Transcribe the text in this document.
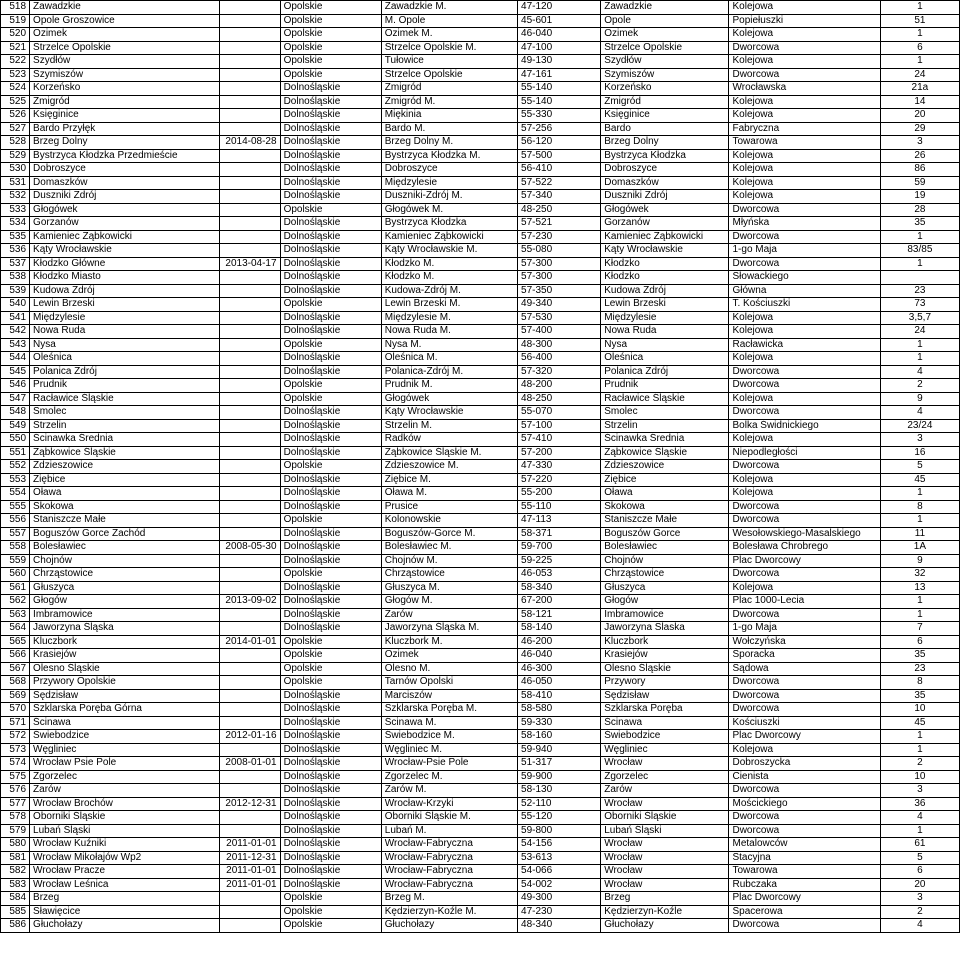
518	Zawadzkie		Opolskie	Zawadzkie M.	47-120	Zawadzkie	Kolejowa	1
519	Opole Groszowice		Opolskie	M. Opole	45-601	Opole	Popiełuszki	51
520	Ozimek		Opolskie	Ozimek M.	46-040	Ozimek	Kolejowa	1
521	Strzelce Opolskie		Opolskie	Strzelce Opolskie M.	47-100	Strzelce Opolskie	Dworcowa	6
522	Szydłów		Opolskie	Tułowice	49-130	Szydłów	Kolejowa	1
523	Szymiszów		Opolskie	Strzelce Opolskie	47-161	Szymiszów	Dworcowa	24
524	Korzeńsko		Dolnośląskie	Żmigród	55-140	Korzeńsko	Wrocławska	21a
525	Żmigród		Dolnośląskie	Żmigród M.	55-140	Żmigród	Kolejowa	14
526	Księginice		Dolnośląskie	Miękinia	55-330	Księginice	Kolejowa	20
527	Bardo Przyłęk		Dolnośląskie	Bardo M.	57-256	Bardo	Fabryczna	29
528	Brzeg Dolny	2014-08-28	Dolnośląskie	Brzeg Dolny M.	56-120	Brzeg Dolny	Towarowa	3
529	Bystrzyca Kłodzka Przedmieście		Dolnośląskie	Bystrzyca Kłodzka M.	57-500	Bystrzyca Kłodzka	Kolejowa	26
530	Dobroszyce		Dolnośląskie	Dobroszyce	56-410	Dobroszyce	Kolejowa	86
531	Domaszków		Dolnośląskie	Międzylesie	57-522	Domaszków	Kolejowa	59
532	Duszniki Zdrój		Dolnośląskie	Duszniki-Zdrój M.	57-340	Duszniki Zdrój	Kolejowa	19
533	Głogówek		Opolskie	Głogówek M.	48-250	Głogówek	Dworcowa	28
534	Gorzanów		Dolnośląskie	Bystrzyca Kłodzka	57-521	Gorzanów	Młyńska	35
535	Kamieniec Ząbkowicki		Dolnośląskie	Kamieniec Ząbkowicki	57-230	Kamieniec Ząbkowicki	Dworcowa	1
536	Kąty Wrocławskie		Dolnośląskie	Kąty Wrocławskie M.	55-080	Kąty Wrocławskie	1-go Maja	83/85
537	Kłodzko Główne	2013-04-17	Dolnośląskie	Kłodzko M.	57-300	Kłodzko	Dworcowa	1
538	Kłodzko Miasto		Dolnośląskie	Kłodzko M.	57-300	Kłodzko	Słowackiego	
539	Kudowa Zdrój		Dolnośląskie	Kudowa-Zdrój M.	57-350	Kudowa Zdrój	Główna	23
540	Lewin Brzeski		Opolskie	Lewin Brzeski M.	49-340	Lewin Brzeski	T. Kościuszki	73
541	Międzylesie		Dolnośląskie	Międzylesie M.	57-530	Międzylesie	Kolejowa	3,5,7
542	Nowa Ruda		Dolnośląskie	Nowa Ruda M.	57-400	Nowa Ruda	Kolejowa	24
543	Nysa		Opolskie	Nysa M.	48-300	Nysa	Racławicka	1
544	Oleśnica		Dolnośląskie	Oleśnica M.	56-400	Oleśnica	Kolejowa	1
545	Polanica Zdrój		Dolnośląskie	Polanica-Zdrój M.	57-320	Polanica Zdrój	Dworcowa	4
546	Prudnik		Opolskie	Prudnik M.	48-200	Prudnik	Dworcowa	2
547	Racławice Śląskie		Opolskie	Głogówek	48-250	Racławice Śląskie	Kolejowa	9
548	Smolec		Dolnośląskie	Kąty Wrocławskie	55-070	Smolec	Dworcowa	4
549	Strzelin		Dolnośląskie	Strzelin M.	57-100	Strzelin	Bolka Świdnickiego	23/24
550	Ścinawka Średnia		Dolnośląskie	Radków	57-410	Ścinawka Średnia	Kolejowa	3
551	Ząbkowice Śląskie		Dolnośląskie	Ząbkowice Śląskie M.	57-200	Ząbkowice Śląskie	Niepodległości	16
552	Zdzieszowice		Opolskie	Zdzieszowice M.	47-330	Zdzieszowice	Dworcowa	5
553	Ziębice		Dolnośląskie	Ziębice M.	57-220	Ziębice	Kolejowa	45
554	Oława		Dolnośląskie	Oława M.	55-200	Oława	Kolejowa	1
555	Skokowa		Dolnośląskie	Prusice	55-110	Skokowa	Dworcowa	8
556	Staniszcze Małe		Opolskie	Kolonowskie	47-113	Staniszcze Małe	Dworcowa	1
557	Boguszów Gorce Zachód		Dolnośląskie	Boguszów-Gorce M.	58-371	Boguszów Gorce	Wesołowskiego-Masalskiego	11
558	Bolesławiec	2008-05-30	Dolnośląskie	Bolesławiec M.	59-700	Bolesławiec	Bolesława Chrobrego	1A
559	Chojnów		Dolnośląskie	Chojnów M.	59-225	Chojnów	Plac Dworcowy	9
560	Chrząstowice		Opolskie	Chrząstowice	46-053	Chrząstowice	Dworcowa	32
561	Głuszyca		Dolnośląskie	Głuszyca M.	58-340	Głuszyca	Kolejowa	13
562	Głogów	2013-09-02	Dolnośląskie	Głogów M.	67-200	Głogów	Plac 1000-Lecia	1
563	Imbramowice		Dolnośląskie	Żarów	58-121	Imbramowice	Dworcowa	1
564	Jaworzyna Śląska		Dolnośląskie	Jaworzyna Śląska M.	58-140	Jaworzyna Slaska	1-go Maja	7
565	Kluczbork	2014-01-01	Opolskie	Kluczbork M.	46-200	Kluczbork	Wołczyńska	6
566	Krasiejów		Opolskie	Ozimek	46-040	Krasiejów	Sporacka	35
567	Olesno Śląskie		Opolskie	Olesno M.	46-300	Olesno Śląskie	Sądowa	23
568	Przywory Opolskie		Opolskie	Tarnów Opolski	46-050	Przywory	Dworcowa	8
569	Sędzisław		Dolnośląskie	Marciszów	58-410	Sędzisław	Dworcowa	35
570	Szklarska Poręba Górna		Dolnośląskie	Szklarska Poręba M.	58-580	Szklarska Poręba	Dworcowa	10
571	Ścinawa		Dolnośląskie	Ścinawa M.	59-330	Ścinawa	Kościuszki	45
572	Świebodzice	2012-01-16	Dolnośląskie	Świebodzice M.	58-160	Świebodzice	Plac Dworcowy	1
573	Węgliniec		Dolnośląskie	Węgliniec M.	59-940	Węgliniec	Kolejowa	1
574	Wrocław Psie Pole	2008-01-01	Dolnośląskie	Wrocław-Psie Pole	51-317	Wrocław	Dobroszycka	2
575	Zgorzelec		Dolnośląskie	Zgorzelec M.	59-900	Zgorzelec	Cienista	10
576	Żarów		Dolnośląskie	Żarów M.	58-130	Żarów	Dworcowa	3
577	Wrocław Brochów	2012-12-31	Dolnośląskie	Wrocław-Krzyki	52-110	Wrocław	Mościckiego	36
578	Oborniki Śląskie		Dolnośląskie	Oborniki Śląskie M.	55-120	Oborniki Śląskie	Dworcowa	4
579	Lubań Śląski		Dolnośląskie	Lubań M.	59-800	Lubań Śląski	Dworcowa	1
580	Wrocław Kuźniki	2011-01-01	Dolnośląskie	Wrocław-Fabryczna	54-156	Wrocław	Metalowców	61
581	Wrocław Mikołajów Wp2	2011-12-31	Dolnośląskie	Wrocław-Fabryczna	53-613	Wrocław	Stacyjna	5
582	Wrocław Pracze	2011-01-01	Dolnośląskie	Wrocław-Fabryczna	54-066	Wrocław	Towarowa	6
583	Wrocław Leśnica	2011-01-01	Dolnośląskie	Wrocław-Fabryczna	54-002	Wrocław	Rubczaka	20
584	Brzeg		Opolskie	Brzeg M.	49-300	Brzeg	Plac Dworcowy	3
585	Sławięcice		Opolskie	Kędzierzyn-Koźle M.	47-230	Kędzierzyn-Koźle	Spacerowa	2
586	Głuchołazy		Opolskie	Głuchołazy	48-340	Głuchołazy	Dworcowa	4
